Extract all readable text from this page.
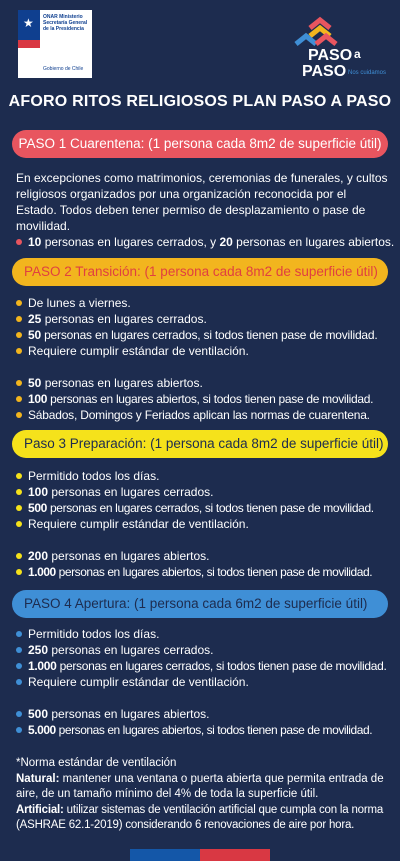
★ ONAR Ministerio Secretaría General de la Presidencia
Gobierno de Chile
PASO a
PASO Nos cuidamos
AFORO RITOS RELIGIOSOS PLAN PASO A PASO
PASO 1 Cuarentena: (1 persona cada 8m2 de superficie útil)
En excepciones como matrimonios, ceremonias de funerales, y cultos religiosos organizados por una organización reconocida por el Estado. Todos deben tener permiso de desplazamiento o pase de movilidad.
10 personas en lugares cerrados, y 20 personas en lugares abiertos.
PASO 2 Transición: (1 persona cada 8m2 de superficie útil)
De lunes a viernes.
25 personas en lugares cerrados.
50 personas en lugares cerrados, si todos tienen pase de movilidad.
Requiere cumplir estándar de ventilación.
50 personas en lugares abiertos.
100 personas en lugares abiertos, si todos tienen pase de movilidad.
Sábados, Domingos y Feriados aplican las normas de cuarentena.
Paso 3 Preparación: (1 persona cada 8m2 de superficie útil)
Permitido todos los días.
100 personas en lugares cerrados.
500 personas en lugares cerrados, si todos tienen pase de movilidad.
Requiere cumplir estándar de ventilación.
200 personas en lugares abiertos.
1.000 personas en lugares abiertos, si todos tienen pase de movilidad.
PASO 4 Apertura: (1 persona cada 6m2 de superficie útil)
Permitido todos los días.
250 personas en lugares cerrados.
1.000 personas en lugares cerrados, si todos tienen pase de movilidad.
Requiere cumplir estándar de ventilación.
500 personas en lugares abiertos.
5.000 personas en lugares abiertos, si todos tienen pase de movilidad.
*Norma estándar de ventilación
Natural: mantener una ventana o puerta abierta que permita entrada de aire, de un tamaño mínimo del 4% de toda la superficie útil.
Artificial: utilizar sistemas de ventilación artificial que cumpla con la norma (ASHRAE 62.1-2019) considerando 6 renovaciones de aire por hora.
